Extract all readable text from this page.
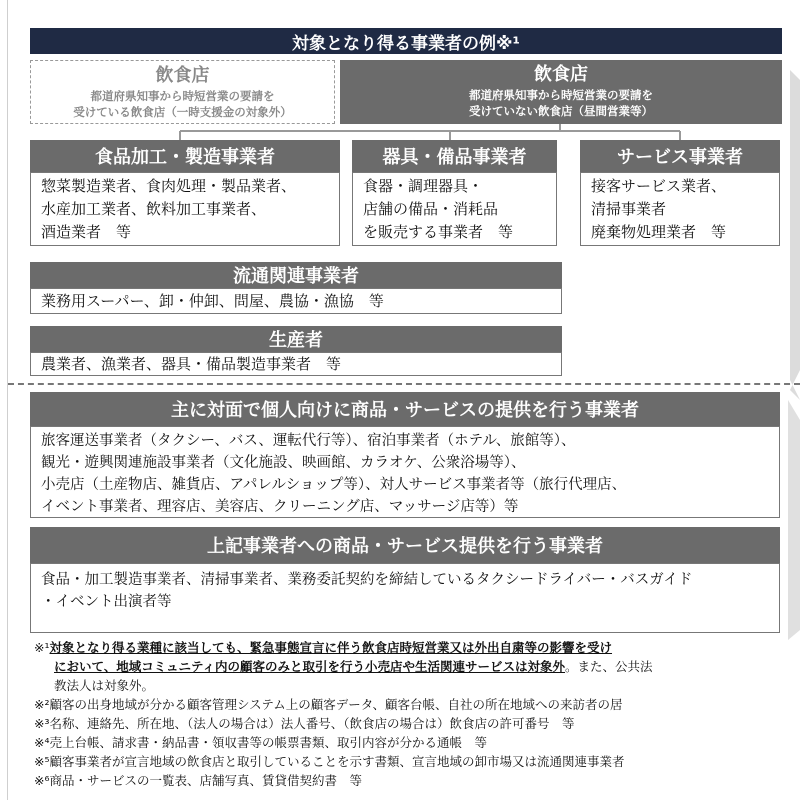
対象となり得る事業者の例※¹
飲食店
都道府県知事から時短営業の要請を
受けている飲食店（一時支援金の対象外）
飲食店
都道府県知事から時短営業の要請を
受けていない飲食店（昼間営業等）
食品加工・製造事業者
惣菜製造業者、食肉処理・製品業者、
水産加工業者、飲料加工事業者、
酒造業者　等
器具・備品事業者
食器・調理器具・
店舗の備品・消耗品
を販売する事業者　等
サービス事業者
接客サービス業者、
清掃事業者
廃棄物処理業者　等
流通関連事業者
業務用スーパー、卸・仲卸、問屋、農協・漁協　等
生産者
農業者、漁業者、器具・備品製造事業者　等
主に対面で個人向けに商品・サービスの提供を行う事業者
旅客運送事業者（タクシー、バス、運転代行等）、宿泊事業者（ホテル、旅館等）、
観光・遊興関連施設事業者（文化施設、映画館、カラオケ、公衆浴場等）、
小売店（土産物店、雑貨店、アパレルショップ等）、対人サービス事業者等（旅行代理店、
イベント事業者、理容店、美容店、クリーニング店、マッサージ店等）等
上記事業者への商品・サービス提供を行う事業者
食品・加工製造事業者、清掃事業者、業務委託契約を締結しているタクシードライバー・バスガイド
・イベント出演者等
※¹対象となり得る業種に該当しても、緊急事態宣言に伴う飲食店時短営業又は外出自粛等の影響を受け
において、地域コミュニティ内の顧客のみと取引を行う小売店や生活関連サービスは対象外。また、公共法
教法人は対象外。
※²顧客の出身地域が分かる顧客管理システム上の顧客データ、顧客台帳、自社の所在地域への来訪者の居
※³名称、連絡先、所在地、（法人の場合は）法人番号、（飲食店の場合は）飲食店の許可番号　等
※⁴売上台帳、請求書・納品書・領収書等の帳票書類、取引内容が分かる通帳　等
※⁵顧客事業者が宣言地域の飲食店と取引していることを示す書類、宣言地域の卸市場又は流通関連事業者
※⁶商品・サービスの一覧表、店舗写真、賃貸借契約書　等
